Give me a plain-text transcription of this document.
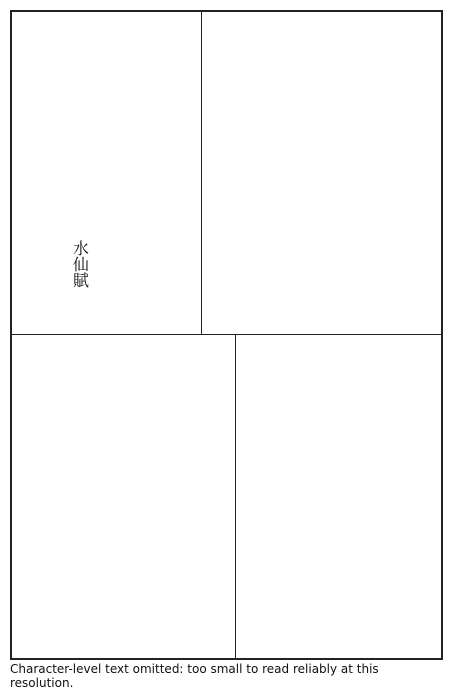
水仙賦
Character-level text omitted: too small to read reliably at this resolution.
